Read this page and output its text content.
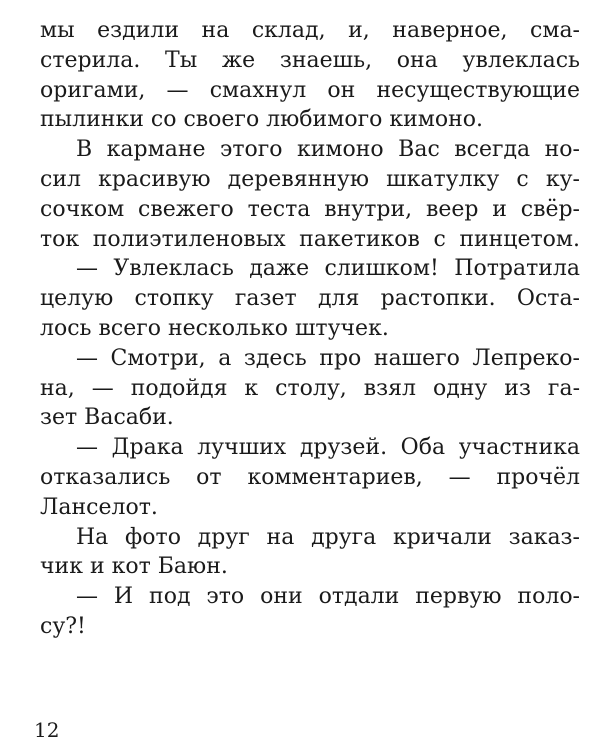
мы ездили на склад, и, наверное, сма-
стерила. Ты же знаешь, она увлеклась
оригами, — смахнул он несуществующие
пылинки со своего любимого кимоно.
В кармане этого кимоно Вас всегда но-
сил красивую деревянную шкатулку с ку-
сочком свежего теста внутри, веер и свёр-
ток полиэтиленовых пакетиков с пинцетом.
— Увлеклась даже слишком! Потратила
целую стопку газет для растопки. Оста-
лось всего несколько штучек.
— Смотри, а здесь про нашего Лепреко-
на, — подойдя к столу, взял одну из га-
зет Васаби.
— Драка лучших друзей. Оба участника
отказались от комментариев, — прочёл
Ланселот.
На фото друг на друга кричали заказ-
чик и кот Баюн.
— И под это они отдали первую поло-
су?!
12
